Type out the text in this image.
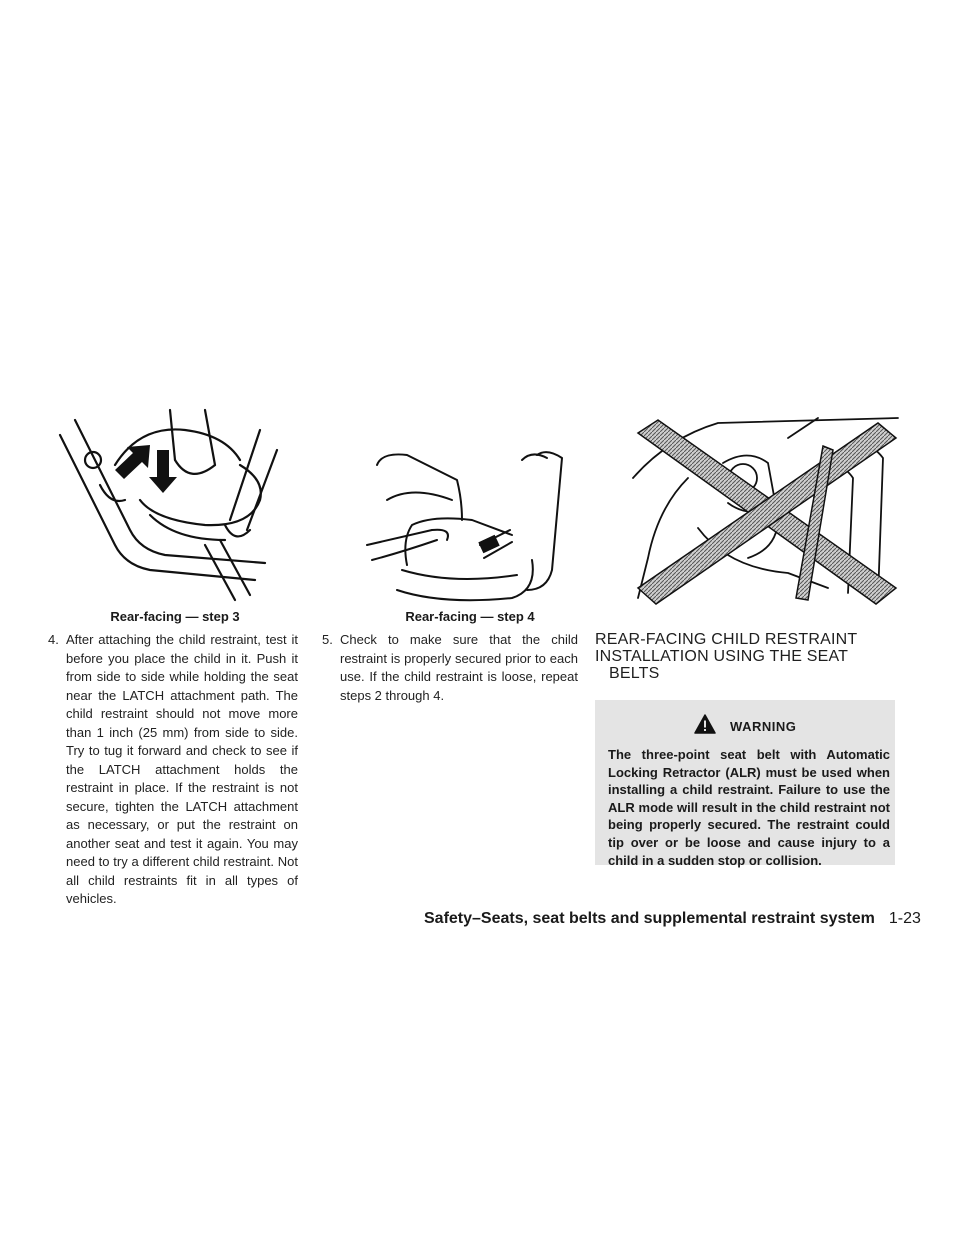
Rear-facing — step 3	Rear-facing — step 4
4. After attaching the child restraint, test it before you place the child in it. Push it from side to side while holding the seat near the LATCH attachment path. The child restraint should not move more than 1 inch (25 mm) from side to side. Try to tug it forward and check to see if the LATCH attachment holds the restraint in place. If the restraint is not secure, tighten the LATCH attachment as necessary, or put the restraint on another seat and test it again. You may need to try a different child restraint. Not all child restraints fit in all types of vehicles.
5. Check to make sure that the child restraint is properly secured prior to each use. If the child restraint is loose, repeat steps 2 through 4.
REAR-FACING CHILD RESTRAINT
INSTALLATION USING THE SEAT
BELTS
WARNING
The three-point seat belt with Automatic Locking Retractor (ALR) must be used when installing a child restraint. Failure to use the ALR mode will result in the child restraint not being properly secured. The restraint could tip over or be loose and cause injury to a child in a sudden stop or collision.
Safety–Seats, seat belts and supplemental restraint system 1-23
